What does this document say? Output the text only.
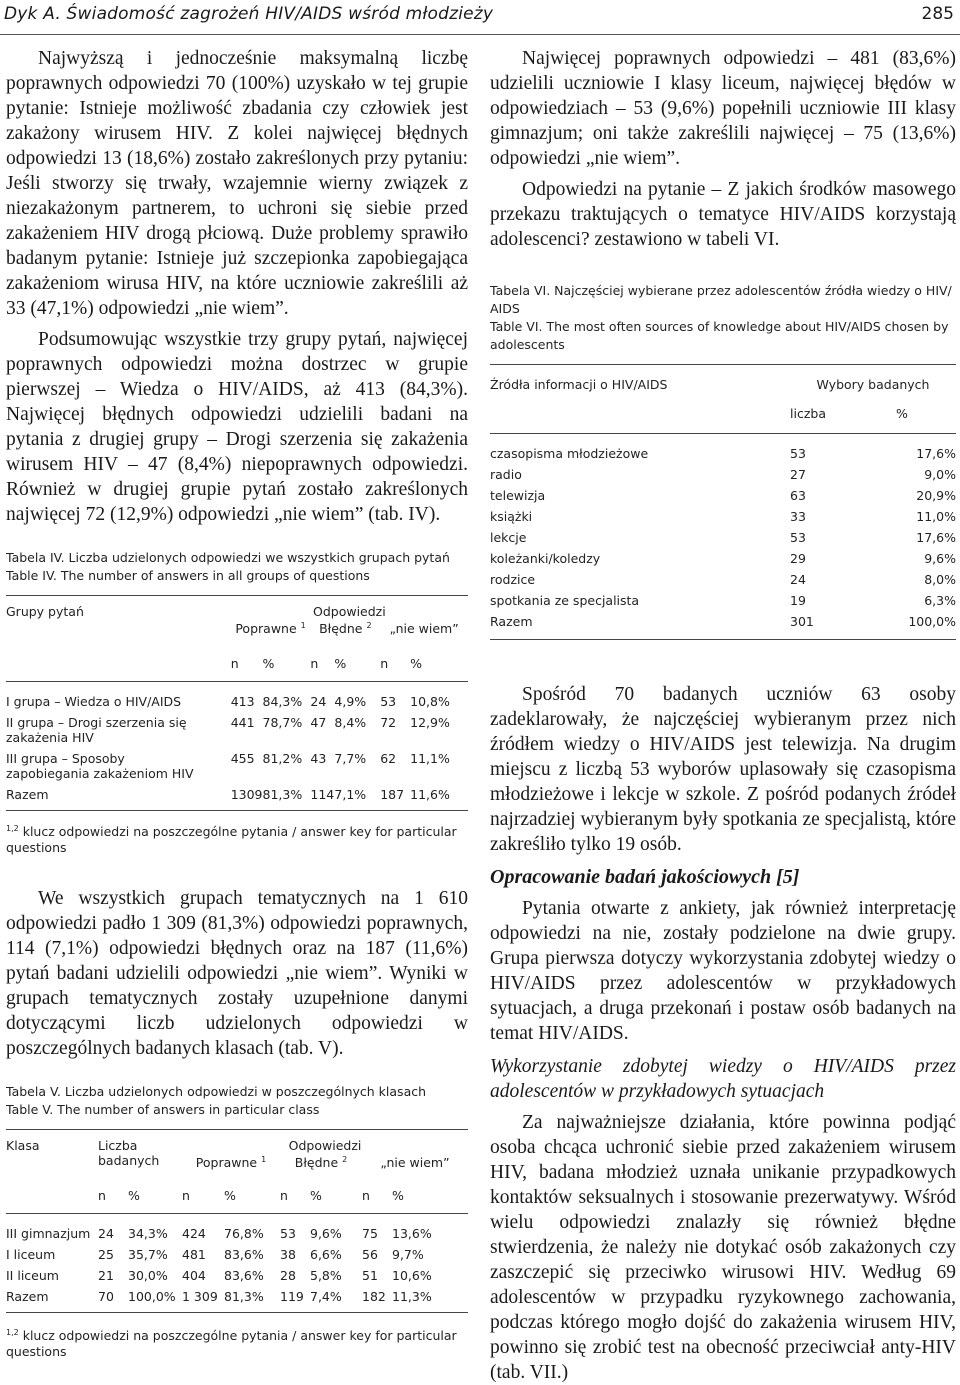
Dyk A. Świadomość zagrożeń HIV/AIDS wśród młodzieży	285

Najwyższą i jednocześnie maksymalną liczbę poprawnych odpowiedzi 70 (100%) uzyskało w tej grupie pytanie: Istnieje możliwość zbadania czy człowiek jest zakażony wirusem HIV. Z kolei najwięcej błędnych odpowiedzi 13 (18,6%) zostało zakreślonych przy pytaniu: Jeśli stworzy się trwały, wzajemnie wierny związek z niezakażonym partnerem, to uchroni się siebie przed zakażeniem HIV drogą płciową. Duże problemy sprawiło badanym pytanie: Istnieje już szczepionka zapobiegająca zakażeniom wirusa HIV, na które uczniowie zakreślili aż 33 (47,1%) odpowiedzi „nie wiem”.

Podsumowując wszystkie trzy grupy pytań, najwięcej poprawnych odpowiedzi można dostrzec w grupie pierwszej – Wiedza o HIV/AIDS, aż 413 (84,3%). Najwięcej błędnych odpowiedzi udzielili badani na pytania z drugiej grupy – Drogi szerzenia się zakażenia wirusem HIV – 47 (8,4%) niepoprawnych odpowiedzi. Również w drugiej grupie pytań zostało zakreślonych najwięcej 72 (12,9%) odpowiedzi „nie wiem” (tab. IV).

Tabela IV. Liczba udzielonych odpowiedzi we wszystkich grupach pytań

Table IV. The number of answers in all groups of questions

Grupy pytań	Odpowiedzi					
	Poprawne $^1$		Błędne $^2$		„nie wiem”	
	n	%	n	%	n	%
I grupa – Wiedza o HIV/AIDS	413	84,3%	24	4,9%	53	10,8%
II grupa – Drogi szerzenia się zakażenia HIV	441	78,7%	47	8,4%	72	12,9%
III grupa – Sposoby zapobiegania zakażeniom HIV	455	81,2%	43	7,7%	62	11,1%
Razem	1309	81,3%	114	7,1%	187	11,6%

$^{1,2}$ klucz odpowiedzi na poszczególne pytania / answer key for particular questions

We wszystkich grupach tematycznych na 1 610 odpowiedzi padło 1 309 (81,3%) odpowiedzi poprawnych, 114 (7,1%) odpowiedzi błędnych oraz na 187 (11,6%) pytań badani udzielili odpowiedzi „nie wiem”. Wyniki w grupach tematycznych zostały uzupełnione danymi dotyczącymi liczb udzielonych odpowiedzi w poszczególnych badanych klasach (tab. V).

Tabela V. Liczba udzielonych odpowiedzi w poszczególnych klasach

Table V. The number of answers in particular class

Klasa	Liczba badanych		Odpowiedzi					
			Poprawne $^1$		Błędne $^2$		„nie wiem”	
	n	%	n	%	n	%	n	%
III gimnazjum	24	34,3%	424	76,8%	53	9,6%	75	13,6%
I liceum	25	35,7%	481	83,6%	38	6,6%	56	9,7%
II liceum	21	30,0%	404	83,6%	28	5,8%	51	10,6%
Razem	70	100,0%	1 309	81,3%	119	7,4%	182	11,3%

$^{1,2}$ klucz odpowiedzi na poszczególne pytania / answer key for particular questions

Najwięcej poprawnych odpowiedzi – 481 (83,6%) udzielili uczniowie I klasy liceum, najwięcej błędów w odpowiedziach – 53 (9,6%) popełnili uczniowie III klasy gimnazjum; oni także zakreślili najwięcej – 75 (13,6%) odpowiedzi „nie wiem”.

Odpowiedzi na pytanie – Z jakich środków masowego przekazu traktujących o tematyce HIV/AIDS korzystają adolescenci? zestawiono w tabeli VI.

Tabela VI. Najczęściej wybierane przez adolescentów źródła wiedzy o HIV/ AIDS

Table VI. The most often sources of knowledge about HIV/AIDS chosen by adolescents

Źródła informacji o HIV/AIDS	Wybory badanych	
	liczba	%
czasopisma młodzieżowe	53	17,6%
radio	27	9,0%
telewizja	63	20,9%
książki	33	11,0%
lekcje	53	17,6%
koleżanki/koledzy	29	9,6%
rodzice	24	8,0%
spotkania ze specjalista	19	6,3%
Razem	301	100,0%

Spośród 70 badanych uczniów 63 osoby zadeklarowały, że najczęściej wybieranym przez nich źródłem wiedzy o HIV/AIDS jest telewizja. Na drugim miejscu z liczbą 53 wyborów uplasowały się czasopisma młodzieżowe i lekcje w szkole. Z pośród podanych źródeł najrzadziej wybieranym były spotkania ze specjalistą, które zakreśliło tylko 19 osób.

Opracowanie badań jakościowych [5]

Pytania otwarte z ankiety, jak również interpretację odpowiedzi na nie, zostały podzielone na dwie grupy. Grupa pierwsza dotyczy wykorzystania zdobytej wiedzy o HIV/AIDS przez adolescentów w przykładowych sytuacjach, a druga przekonań i postaw osób badanych na temat HIV/AIDS.

Wykorzystanie zdobytej wiedzy o HIV/AIDS przez adolescentów w przykładowych sytuacjach

Za najważniejsze działania, które powinna podjąć osoba chcąca uchronić siebie przed zakażeniem wirusem HIV, badana młodzież uznała unikanie przypadkowych kontaktów seksualnych i stosowanie prezerwatywy. Wśród wielu odpowiedzi znalazły się również błędne stwierdzenia, że należy nie dotykać osób zakażonych czy zaszczepić się przeciwko wirusowi HIV. Według 69 adolescentów w przypadku ryzykownego zachowania, podczas którego mogło dojść do zakażenia wirusem HIV, powinno się zrobić test na obecność przeciwciał anty-HIV (tab. VII.)
